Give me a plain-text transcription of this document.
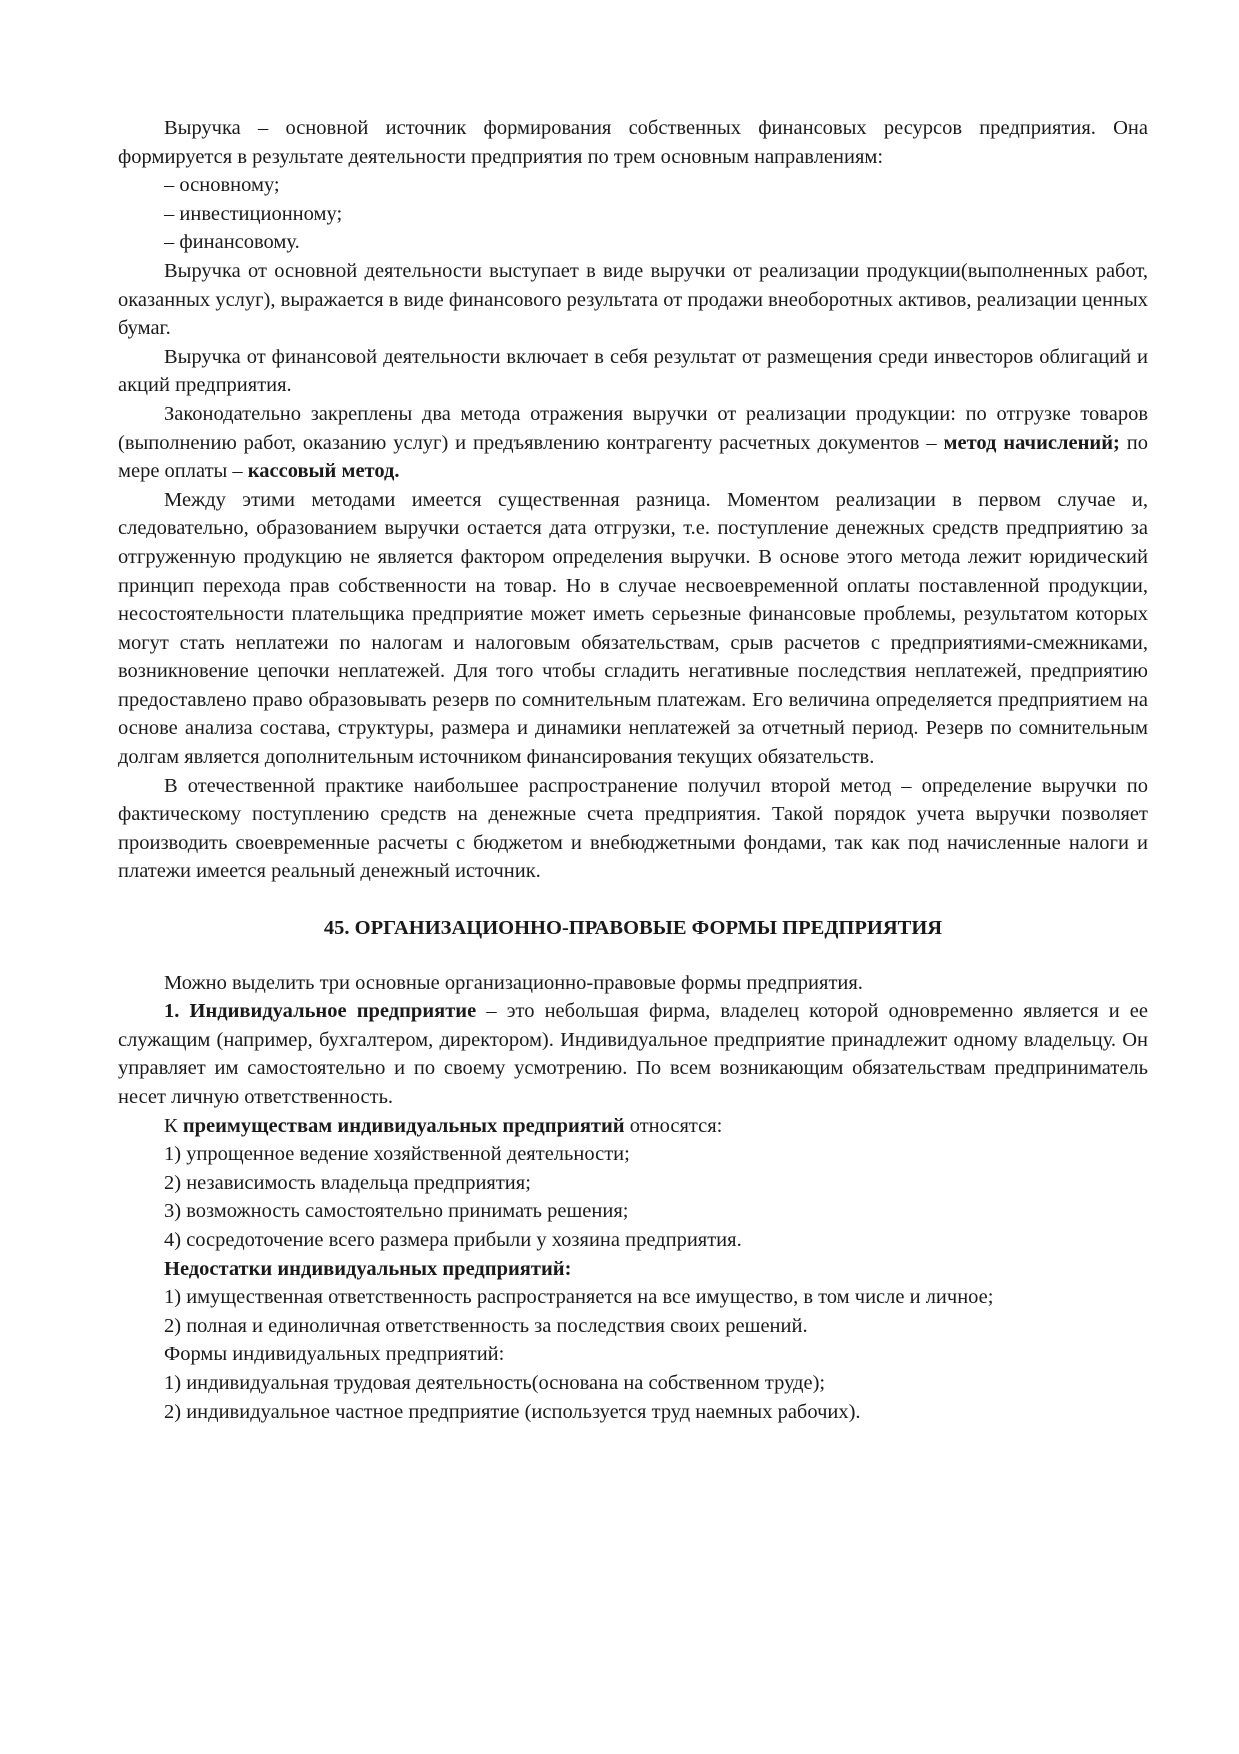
Выручка – основной источник формирования собственных финансовых ресурсов предприятия. Она формируется в результате деятельности предприятия по трем основным направлениям:

– основному;

– инвестиционному;

– финансовому.

Выручка от основной деятельности выступает в виде выручки от реализации продукции(выполненных работ, оказанных услуг), выражается в виде финансового результата от продажи внеоборотных активов, реализации ценных бумаг.

Выручка от финансовой деятельности включает в себя результат от размещения среди инвесторов облигаций и акций предприятия.

Законодательно закреплены два метода отражения выручки от реализации продукции: по отгрузке товаров (выполнению работ, оказанию услуг) и предъявлению контрагенту расчетных документов – метод начислений; по мере оплаты – кассовый метод.

Между этими методами имеется существенная разница. Моментом реализации в первом случае и, следовательно, образованием выручки остается дата отгрузки, т.е. поступление денежных средств предприятию за отгруженную продукцию не является фактором определения выручки. В основе этого метода лежит юридический принцип перехода прав собственности на товар. Но в случае несвоевременной оплаты поставленной продукции, несостоятельности плательщика предприятие может иметь серьезные финансовые проблемы, результатом которых могут стать неплатежи по налогам и налоговым обязательствам, срыв расчетов с предприятиями-смежниками, возникновение цепочки неплатежей. Для того чтобы сгладить негативные последствия неплатежей, предприятию предоставлено право образовывать резерв по сомнительным платежам. Его величина определяется предприятием на основе анализа состава, структуры, размера и динамики неплатежей за отчетный период. Резерв по сомнительным долгам является дополнительным источником финансирования текущих обязательств.

В отечественной практике наибольшее распространение получил второй метод – определение выручки по фактическому поступлению средств на денежные счета предприятия. Такой порядок учета выручки позволяет производить своевременные расчеты с бюджетом и внебюджетными фондами, так как под начисленные налоги и платежи имеется реальный денежный источник.

45. ОРГАНИЗАЦИОННО-ПРАВОВЫЕ ФОРМЫ ПРЕДПРИЯТИЯ

Можно выделить три основные организационно-правовые формы предприятия.

1. Индивидуальное предприятие – это небольшая фирма, владелец которой одновременно является и ее служащим (например, бухгалтером, директором). Индивидуальное предприятие принадлежит одному владельцу. Он управляет им самостоятельно и по своему усмотрению. По всем возникающим обязательствам предприниматель несет личную ответственность.

К преимуществам индивидуальных предприятий относятся:

1) упрощенное ведение хозяйственной деятельности;

2) независимость владельца предприятия;

3) возможность самостоятельно принимать решения;

4) сосредоточение всего размера прибыли у хозяина предприятия.

Недостатки индивидуальных предприятий:

1) имущественная ответственность распространяется на все имущество, в том числе и личное;

2) полная и единоличная ответственность за последствия своих решений.

Формы индивидуальных предприятий:

1) индивидуальная трудовая деятельность(основана на собственном труде);

2) индивидуальное частное предприятие (используется труд наемных рабочих).
